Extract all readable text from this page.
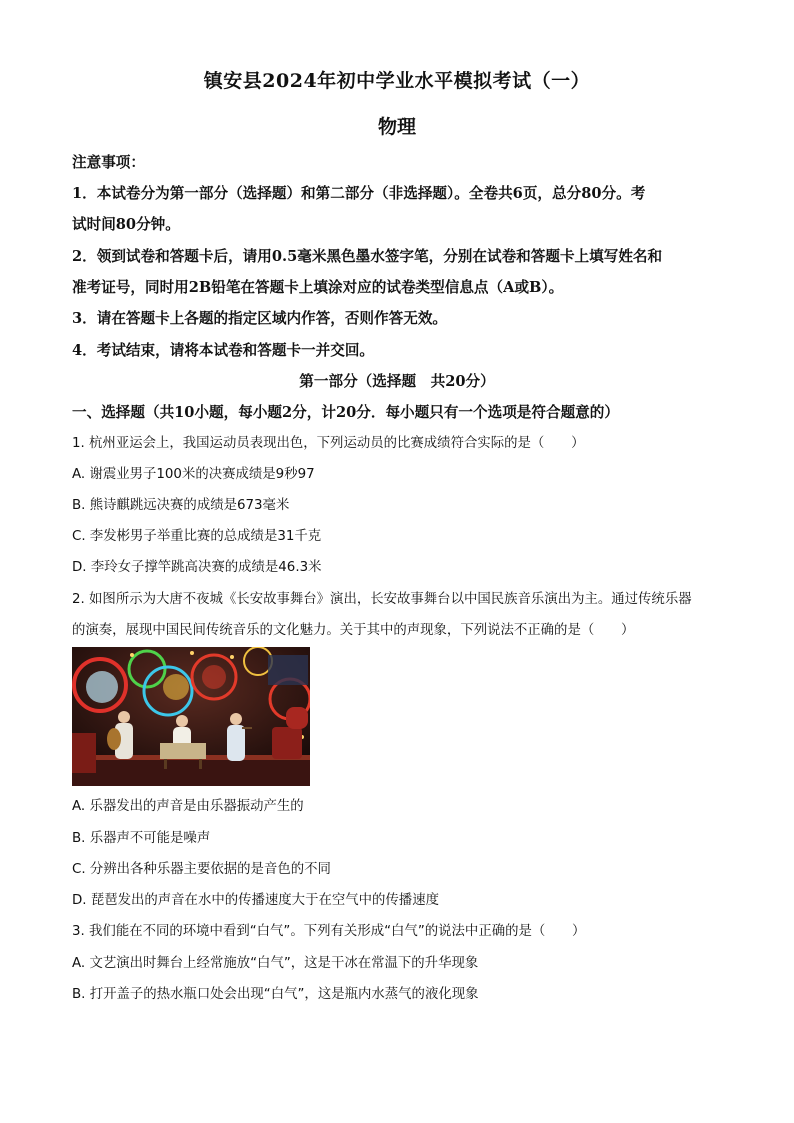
镇安县2024年初中学业水平模拟考试（一）
物理
注意事项：
1．本试卷分为第一部分（选择题）和第二部分（非选择题）。全卷共6页，总分80分。考
试时间80分钟。
2．领到试卷和答题卡后，请用0.5毫米黑色墨水签字笔，分别在试卷和答题卡上填写姓名和
准考证号，同时用2B铅笔在答题卡上填涂对应的试卷类型信息点（A或B）。
3．请在答题卡上各题的指定区域内作答，否则作答无效。
4．考试结束，请将本试卷和答题卡一并交回。
第一部分（选择题　共20分）
一、选择题（共10小题，每小题2分，计20分．每小题只有一个选项是符合题意的）
1. 杭州亚运会上，我国运动员表现出色，下列运动员的比赛成绩符合实际的是（　　）
A. 谢震业男子100米的决赛成绩是9秒97
B. 熊诗麒跳远决赛的成绩是673毫米
C. 李发彬男子举重比赛的总成绩是31千克
D. 李玲女子撑竿跳高决赛的成绩是46.3米
2. 如图所示为大唐不夜城《长安故事舞台》演出，长安故事舞台以中国民族音乐演出为主。通过传统乐器
的演奏，展现中国民间传统音乐的文化魅力。关于其中的声现象，下列说法不正确的是（　　）
A. 乐器发出的声音是由乐器振动产生的
B. 乐器声不可能是噪声
C. 分辨出各种乐器主要依据的是音色的不同
D. 琵琶发出的声音在水中的传播速度大于在空气中的传播速度
3. 我们能在不同的环境中看到“白气”。下列有关形成“白气”的说法中正确的是（　　）
A. 文艺演出时舞台上经常施放“白气”，这是干冰在常温下的升华现象
B. 打开盖子的热水瓶口处会出现“白气”，这是瓶内水蒸气的液化现象
